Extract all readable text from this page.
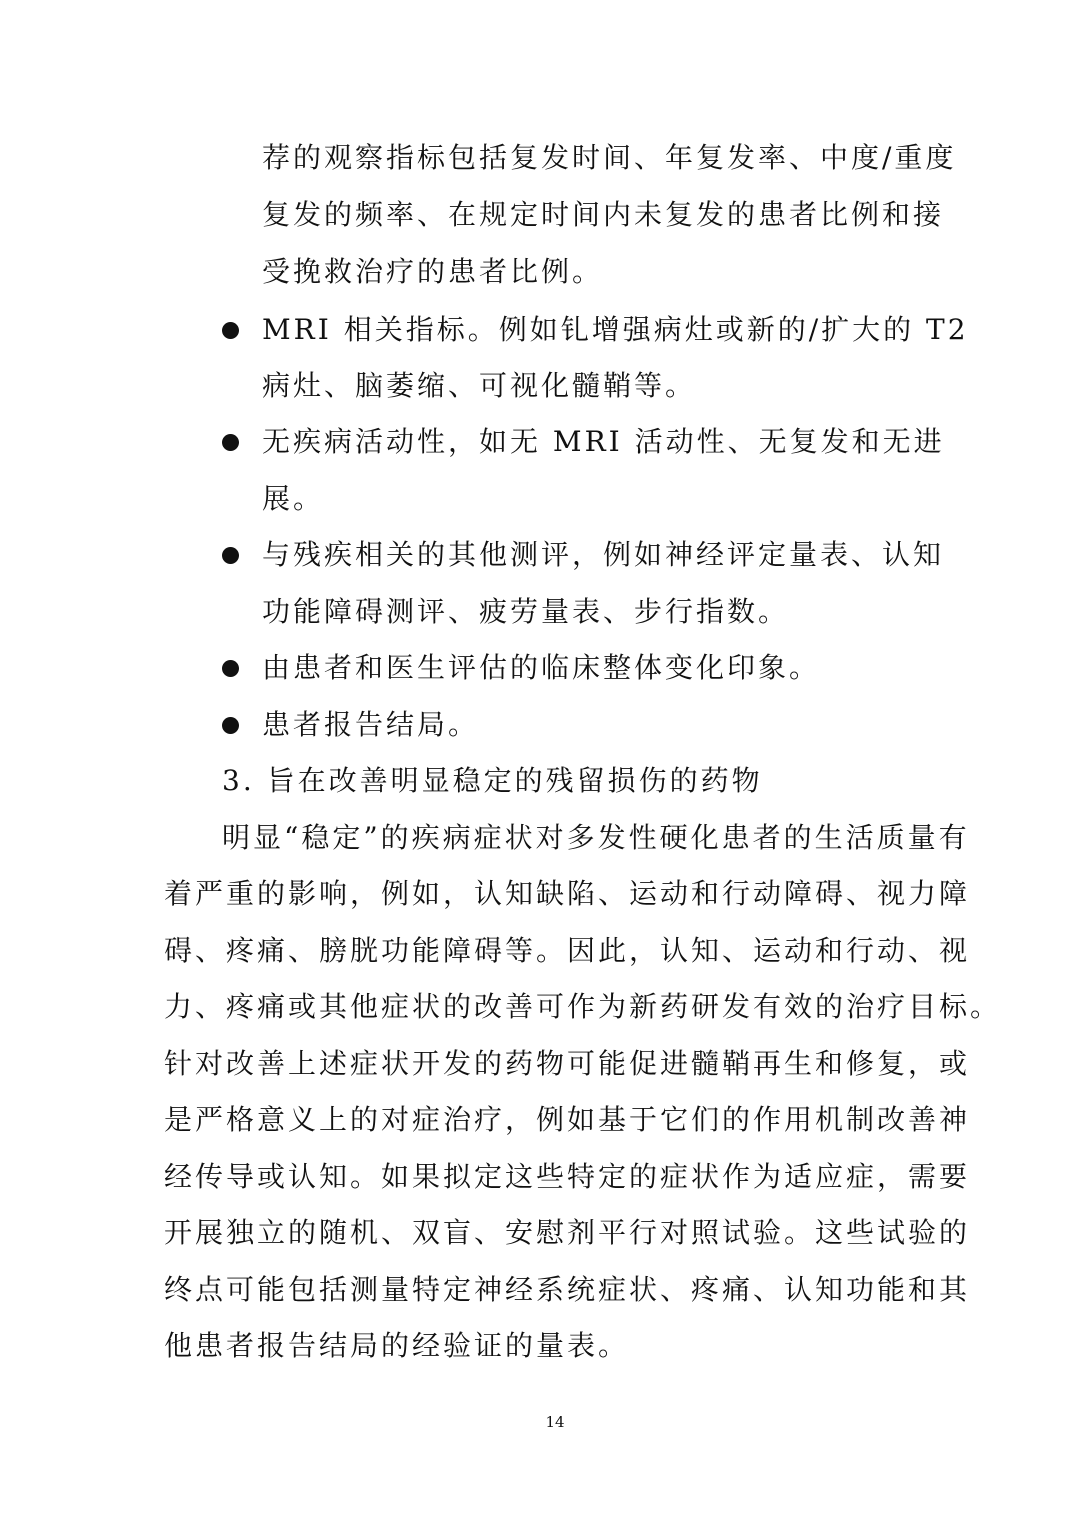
荐的观察指标包括复发时间、年复发率、中度/重度
复发的频率、在规定时间内未复发的患者比例和接
受挽救治疗的患者比例。
MRI 相关指标。例如钆增强病灶或新的/扩大的 T2
病灶、脑萎缩、可视化髓鞘等。
无疾病活动性，如无 MRI 活动性、无复发和无进
展。
与残疾相关的其他测评，例如神经评定量表、认知
功能障碍测评、疲劳量表、步行指数。
由患者和医生评估的临床整体变化印象。
患者报告结局。
3. 旨在改善明显稳定的残留损伤的药物
明显“稳定”的疾病症状对多发性硬化患者的生活质量有
着严重的影响，例如，认知缺陷、运动和行动障碍、视力障
碍、疼痛、膀胱功能障碍等。因此，认知、运动和行动、视
力、疼痛或其他症状的改善可作为新药研发有效的治疗目标。
针对改善上述症状开发的药物可能促进髓鞘再生和修复，或
是严格意义上的对症治疗，例如基于它们的作用机制改善神
经传导或认知。如果拟定这些特定的症状作为适应症，需要
开展独立的随机、双盲、安慰剂平行对照试验。这些试验的
终点可能包括测量特定神经系统症状、疼痛、认知功能和其
他患者报告结局的经验证的量表。
14
